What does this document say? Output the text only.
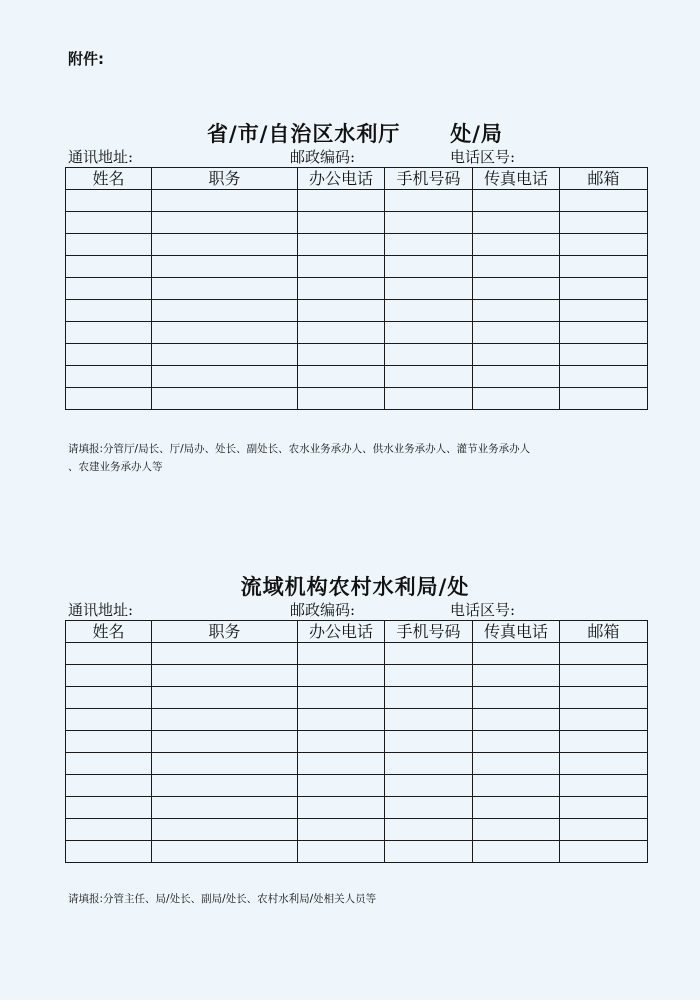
附件:
省/市/自治区水利厅      处/局
通讯地址:	邮政编码:	电话区号:
姓名	职务	办公电话	手机号码	传真电话	邮箱

请填报:分管厅/局长、厅/局办、处长、副处长、农水业务承办人、供水业务承办人、灌节业务承办人
、农建业务承办人等
流域机构农村水利局/处
通讯地址:	邮政编码:	电话区号:
姓名	职务	办公电话	手机号码	传真电话	邮箱

请填报:分管主任、局/处长、副局/处长、农村水利局/处相关人员等
